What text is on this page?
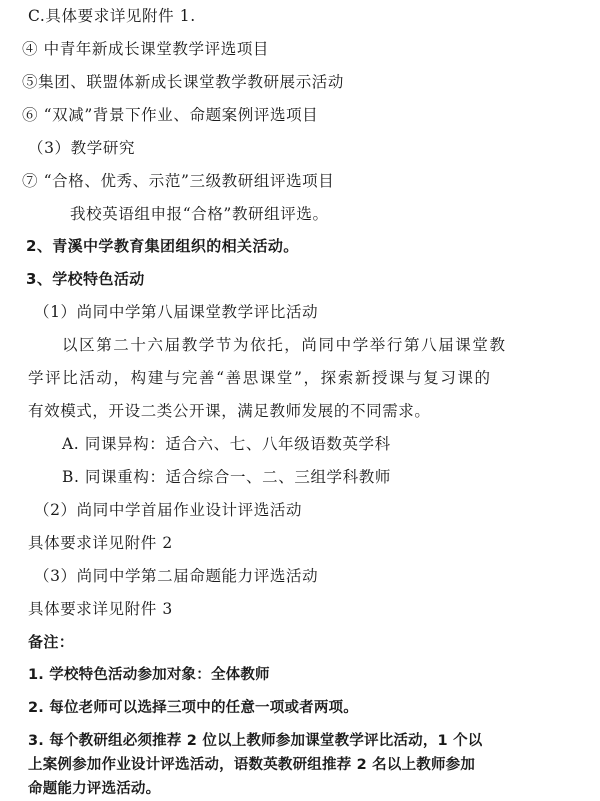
C.具体要求详见附件 1.
④ 中青年新成长课堂教学评选项目
⑤集团、联盟体新成长课堂教学教研展示活动
⑥ “双减”背景下作业、命题案例评选项目
（3）教学研究
⑦ “合格、优秀、示范”三级教研组评选项目
我校英语组申报“合格”教研组评选。
2、青溪中学教育集团组织的相关活动。
3、学校特色活动
（1）尚同中学第八届课堂教学评比活动
以区第二十六届教学节为依托，尚同中学举行第八届课堂教
学评比活动，构建与完善“善思课堂”，探索新授课与复习课的
有效模式，开设二类公开课，满足教师发展的不同需求。
A. 同课异构：适合六、七、八年级语数英学科
B. 同课重构：适合综合一、二、三组学科教师
（2）尚同中学首届作业设计评选活动
具体要求详见附件 2
（3）尚同中学第二届命题能力评选活动
具体要求详见附件 3
备注：
1. 学校特色活动参加对象：全体教师
2. 每位老师可以选择三项中的任意一项或者两项。
3. 每个教研组必须推荐 2 位以上教师参加课堂教学评比活动，1 个以
上案例参加作业设计评选活动，语数英教研组推荐 2 名以上教师参加
命题能力评选活动。
